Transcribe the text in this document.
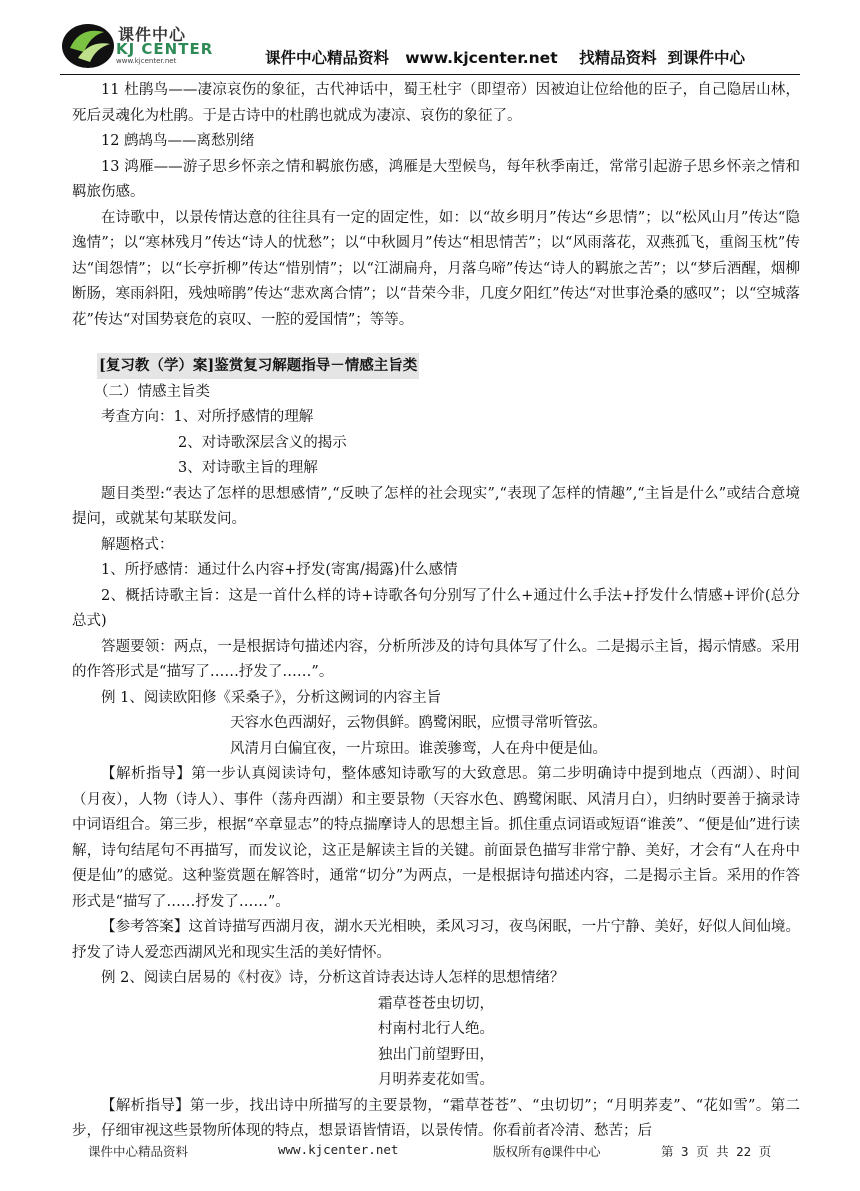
课件中心
KJ CENTER
www.kjcenter.net	课件中心精品资料   www.kjcenter.net    找精品资料  到课件中心

11 杜鹃鸟——凄凉哀伤的象征，古代神话中，蜀王杜宇（即望帝）因被迫让位给他的臣子，自己隐居山林，死后灵魂化为杜鹃。于是古诗中的杜鹃也就成为凄凉、哀伤的象征了。

12 鹧鸪鸟——离愁别绪

13 鸿雁——游子思乡怀亲之情和羁旅伤感，鸿雁是大型候鸟，每年秋季南迁，常常引起游子思乡怀亲之情和羁旅伤感。

在诗歌中，以景传情达意的往往具有一定的固定性，如：以“故乡明月”传达“乡思情”；以“松风山月”传达“隐逸情”；以“寒林残月”传达“诗人的忧愁”；以“中秋圆月”传达“相思情苦”；以“风雨落花，双燕孤飞，重阁玉枕”传达“闺怨情”；以“长亭折柳”传达“惜别情”；以“江湖扁舟，月落乌啼”传达“诗人的羁旅之苦”；以“梦后酒醒，烟柳断肠，寒雨斜阳，残烛啼鹃”传达“悲欢离合情”；以“昔荣今非，几度夕阳红”传达“对世事沧桑的感叹”；以“空城落花”传达“对国势衰危的哀叹、一腔的爱国情”；等等。

[复习教（学）案]鉴赏复习解题指导－情感主旨类

（二）情感主旨类

考查方向：1、对所抒感情的理解

2、对诗歌深层含义的揭示

3、对诗歌主旨的理解

题目类型:“表达了怎样的思想感情”,“反映了怎样的社会现实”,“表现了怎样的情趣”,“主旨是什么”或结合意境提问，或就某句某联发问。

解题格式：

1、所抒感情：通过什么内容+抒发(寄寓/揭露)什么感情

2、概括诗歌主旨：这是一首什么样的诗+诗歌各句分别写了什么+通过什么手法+抒发什么情感+评价(总分总式)

答题要领：两点，一是根据诗句描述内容，分析所涉及的诗句具体写了什么。二是揭示主旨，揭示情感。采用的作答形式是“描写了……抒发了……”。

例 1、阅读欧阳修《采桑子》，分析这阙词的内容主旨

天容水色西湖好，云物俱鲜。鸥鹭闲眠，应惯寻常听管弦。

风清月白偏宜夜，一片琼田。谁羡骖鸾，人在舟中便是仙。

【解析指导】第一步认真阅读诗句，整体感知诗歌写的大致意思。第二步明确诗中提到地点（西湖）、时间（月夜），人物（诗人）、事件（荡舟西湖）和主要景物（天容水色、鸥鹭闲眠、风清月白），归纳时要善于摘录诗中词语组合。第三步，根据“卒章显志”的特点揣摩诗人的思想主旨。抓住重点词语或短语“谁羡”、“便是仙”进行读解，诗句结尾句不再描写，而发议论，这正是解读主旨的关键。前面景色描写非常宁静、美好，才会有“人在舟中便是仙”的感觉。这种鉴赏题在解答时，通常“切分”为两点，一是根据诗句描述内容，二是揭示主旨。采用的作答形式是“描写了……抒发了……”。

【参考答案】这首诗描写西湖月夜，湖水天光相映，柔风习习，夜鸟闲眠，一片宁静、美好，好似人间仙境。抒发了诗人爱恋西湖风光和现实生活的美好情怀。

例 2、阅读白居易的《村夜》诗，分析这首诗表达诗人怎样的思想情绪？

霜草苍苍虫切切，

村南村北行人绝。

独出门前望野田，

月明荞麦花如雪。

【解析指导】第一步，找出诗中所描写的主要景物，“霜草苍苍”、“虫切切”；“月明荞麦”、“花如雪”。第二步，仔细审视这些景物所体现的特点，想景语皆情语，以景传情。你看前者冷清、愁苦；后

课件中心精品资料	www.kjcenter.net	版权所有@课件中心	第 3 页 共 22 页
